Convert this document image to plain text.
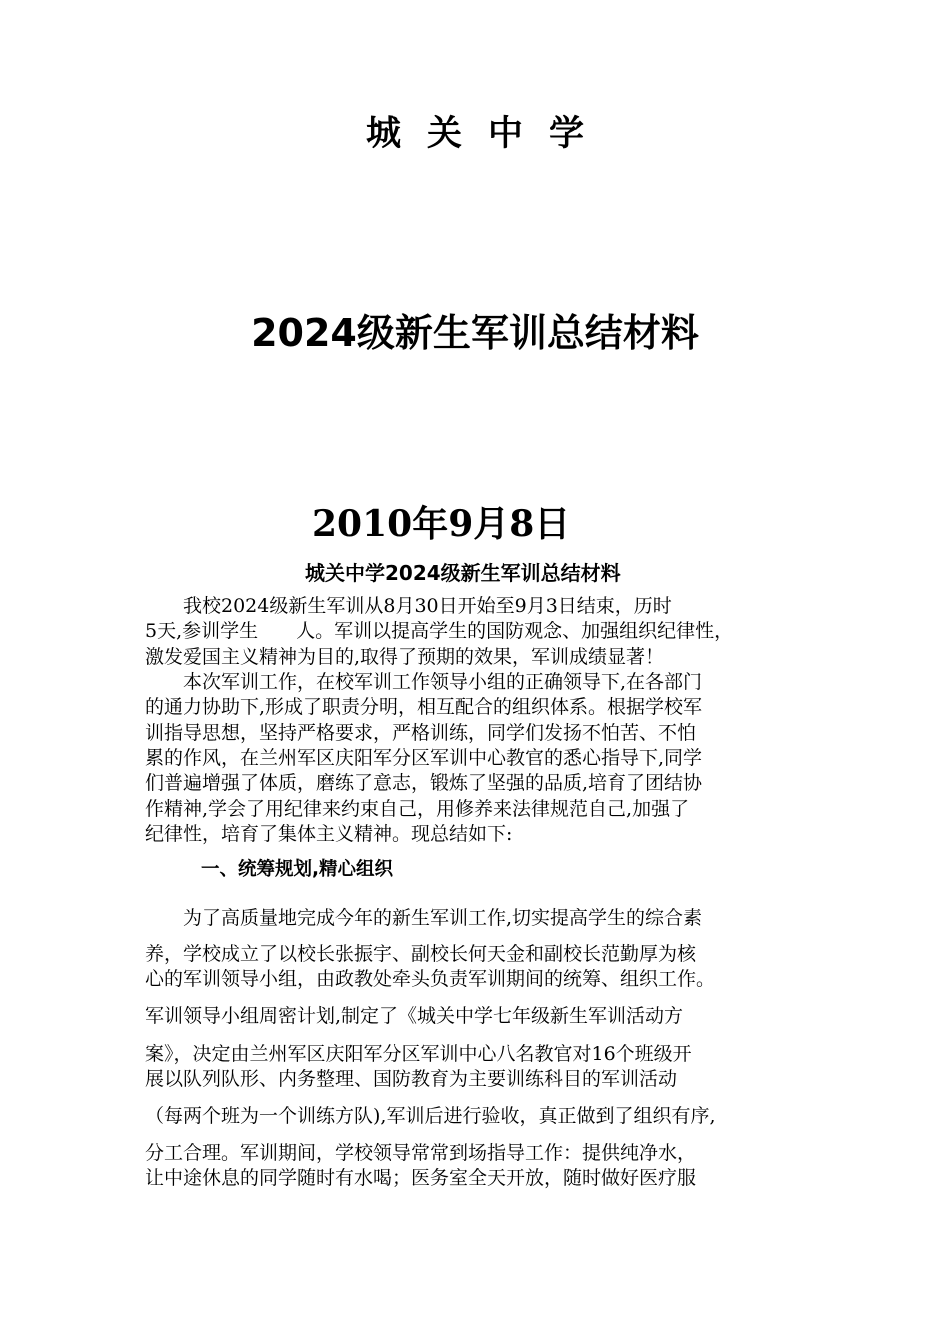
城关中学
2024级新生军训总结材料
2010年9月8日
城关中学2024级新生军训总结材料
　　我校2024级新生军训从8月30日开始至9月3日结束，历时
5天,参训学生　　人。军训以提高学生的国防观念、加强组织纪律性，
激发爱国主义精神为目的,取得了预期的效果，军训成绩显著！
　　本次军训工作，在校军训工作领导小组的正确领导下,在各部门
的通力协助下,形成了职责分明，相互配合的组织体系。根据学校军
训指导思想，坚持严格要求，严格训练，同学们发扬不怕苦、不怕
累的作风，在兰州军区庆阳军分区军训中心教官的悉心指导下,同学
们普遍增强了体质，磨练了意志，锻炼了坚强的品质,培育了团结协
作精神,学会了用纪律来约束自己，用修养来法律规范自己,加强了
纪律性，培育了集体主义精神。现总结如下:
一、统筹规划,精心组织
　　为了高质量地完成今年的新生军训工作,切实提高学生的综合素
养，学校成立了以校长张振宇、副校长何天金和副校长范勤厚为核
心的军训领导小组，由政教处牵头负责军训期间的统筹、组织工作。
军训领导小组周密计划,制定了《城关中学七年级新生军训活动方
案》，决定由兰州军区庆阳军分区军训中心八名教官对16个班级开
展以队列队形、内务整理、国防教育为主要训练科目的军训活动
（每两个班为一个训练方队),军训后进行验收，真正做到了组织有序,
分工合理。军训期间，学校领导常常到场指导工作：提供纯净水，
让中途休息的同学随时有水喝；医务室全天开放，随时做好医疗服
